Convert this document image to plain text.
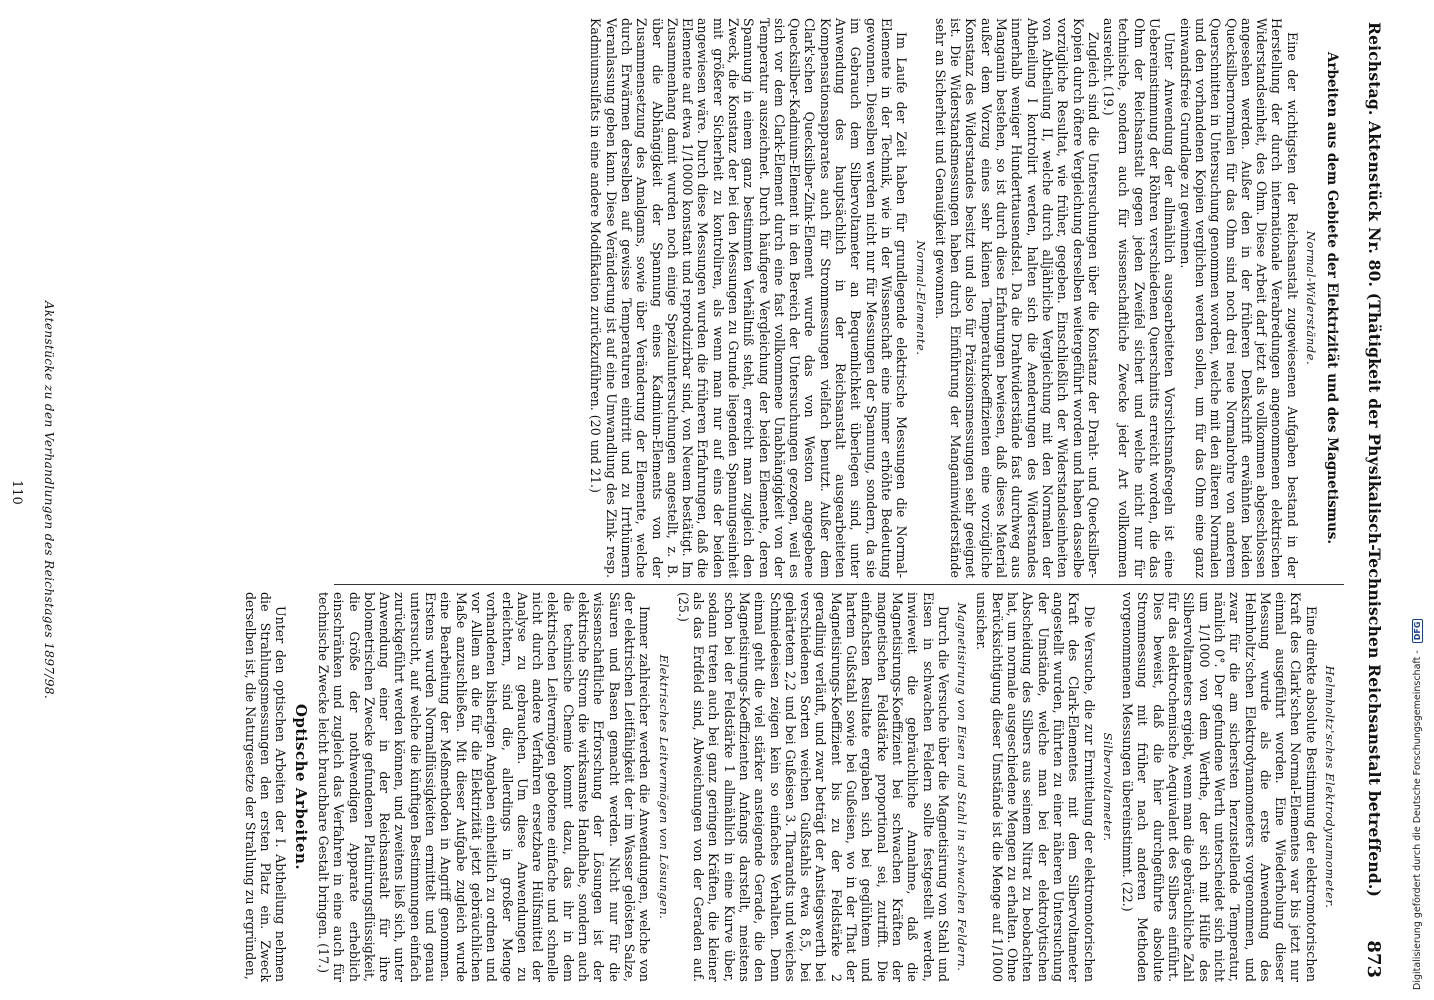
Reichstag. Aktenstück Nr. 80. (Thätigkeit der Physikalisch-Technischen Reichsanstalt betreffend.)
873
Arbeiten aus dem Gebiete der Elektrizität und des Magnetismus.
Normal-Widerstände.

Eine der wichtigsten der Reichsanstalt zugewiesenen Aufgaben bestand in der Herstellung der durch internationale Verabredungen angenommenen elektrischen Widerstandseinheit, des Ohm. Diese Arbeit darf jetzt als vollkommen abgeschlossen angesehen werden. Außer den in der früheren Denkschrift erwähnten beiden Quecksilbernormalen für das Ohm sind noch drei neue Normalrohre von anderem Querschnitten in Untersuchung genommen worden, welche mit den älteren Normalen und den vorhandenen Kopien verglichen werden sollen, um für das Ohm eine ganz einwandsfreie Grundlage zu gewinnen.

Unter Anwendung der allmählich ausgearbeiteten Vorsichtsmaßregeln ist eine Uebereinstimmung der Röhren verschiedenen Querschnitts erreicht worden, die das Ohm der Reichsanstalt gegen jeden Zweifel sichert und welche nicht nur für technische, sondern auch für wissenschaftliche Zwecke jeder Art vollkommen ausreicht. (19.)

Zugleich sind die Untersuchungen über die Konstanz der Draht- und Quecksilber-Kopien durch öftere Vergleichung derselben weitergeführt worden und haben dasselbe vorzügliche Resultat, wie früher, gegeben. Einschließlich der Widerstandseinheiten von Abtheilung II, welche durch alljährliche Vergleichung mit den Normalen der Abtheilung I kontrolirt werden, halten sich die Aenderungen des Widerstandes innerhalb weniger Hunderttausendstel. Da die Drahtwiderstände fast durchweg aus Manganin bestehen, so ist durch diese Erfahrungen bewiesen, daß dieses Material außer dem Vorzug eines sehr kleinen Temperaturkoeffizienten eine vorzügliche Konstanz des Widerstandes besitzt und also für Präzisionsmessungen sehr geeignet ist. Die Widerstandsmessungen haben durch Einführung der Manganinwiderstände sehr an Sicherheit und Genauigkeit gewonnen.

Normal-Elemente.

Im Laufe der Zeit haben für grundlegende elektrische Messungen die Normal-Elemente in der Technik, wie in der Wissenschaft eine immer erhöhte Bedeutung gewonnen. Dieselben werden nicht nur für Messungen der Spannung, sondern, da sie im Gebrauch dem Silbervoltameter an Bequemlichkeit überlegen sind, unter Anwendung des hauptsächlich in der Reichsanstalt ausgearbeiteten Kompensationsapparates auch für Strommessungen vielfach benutzt. Außer dem Clark'schen Quecksilber-Zink-Element wurde das von Weston angegebene Quecksilber-Kadmium-Element in den Bereich der Untersuchungen gezogen, weil es sich vor dem Clark-Element durch eine fast vollkommene Unabhängigkeit von der Temperatur auszeichnet. Durch häufigere Vergleichung der beiden Elemente, deren Spannung in einem ganz bestimmten Verhältniß steht, erreicht man zugleich den Zweck, die Konstanz der bei den Messungen zu Grunde liegenden Spannungseinheit mit größerer Sicherheit zu kontroliren, als wenn man nur auf eins der beiden angewiesen wäre. Durch diese Messungen wurden die früheren Erfahrungen, daß die Elemente auf etwa 1/10000 konstant und reproduzirbar sind, von Neuem bestätigt. Im Zusammenhang damit wurden noch einige Spezialuntersuchungen angestellt, z. B. über die Abhängigkeit der Spannung eines Kadmium-Elements von der Zusammensetzung des Amalgams, sowie über Veränderung der Elemente, welche durch Erwärmen derselben auf gewisse Temperaturen eintritt und zu Irrthümern Veranlassung geben kann. Diese Veränderung ist auf eine Umwandlung des Zink- resp. Kadmiumsulfats in eine andere Modifikation zurückzuführen. (20 und 21.)

Helmholtz'sches Elektrodynamometer.

Eine direkte absolute Bestimmung der elektromotorischen Kraft des Clark'schen Normal-Elementes war bis jetzt nur einmal ausgeführt worden. Eine Wiederholung dieser Messung wurde als die erste Anwendung des Helmholtz'schen Elektrodynamometers vorgenommen, und zwar für die am sichersten herzustellende Temperatur, nämlich 0°. Der gefundene Werth unterscheidet sich nicht um 1/1000 von dem Werthe, der sich mit Hülfe des Silbervoltameters ergiebt, wenn man die gebräuchliche Zahl für das elektrochemische Aequivalent des Silbers einführt. Dies beweist, daß die hier durchgeführte absolute Strommessung mit früher nach anderen Methoden vorgenommenen Messungen übereinstimmt. (22.)

Silbervoltameter.

Die Versuche, die zur Ermittelung der elektromotorischen Kraft des Clark-Elementes mit dem Silbervoltameter angestellt wurden, führten zu einer näheren Untersuchung der Umstände, welche man bei der elektrolytischen Abscheidung des Silbers aus seinem Nitrat zu beobachten hat, um normale ausgeschiedene Mengen zu erhalten. Ohne Berücksichtigung dieser Umstände ist die Menge auf 1/1000 unsicher.

Magnetisirung von Eisen und Stahl in schwachen Feldern.

Durch die Versuche über die Magnetisirung von Stahl und Eisen in schwachen Feldern sollte festgestellt werden, inwieweit die gebräuchliche Annahme, daß die Magnetisirungs-Koeffizient bei schwachen Kräften der magnetischen Feldstärke proportional sei, zutrifft. Die einfachsten Resultate ergaben sich bei geglühtem und hartem Gußstahl sowie bei Gußeisen, wo in der That der Magnetisirungs-Koeffizient bis zu der Feldstärke 2 geradlinig verläuft, und zwar beträgt der Anstiegswerth bei verschiedenen Sorten weichen Gußstahls etwa 8,5, bei gehärtetem 2,2 und bei Gußeisen 3. Tharandts und weiches Schmiedeeisen zeigen kein so einfaches Verhalten. Denn einmal geht die viel stärker ansteigende Gerade, die den Magnetisirungs-Koeffizienten Anfangs darstellt, meistens schon bei der Feldstärke 1 allmählich in eine Kurve über, sodann treten auch bei ganz geringen Kräften, die kleiner als das Erdfeld sind, Abweichungen von der Geraden auf. (25.)

Elektrisches Leitvermögen von Lösungen.

Immer zahlreicher werden die Anwendungen, welche von der elektrischen Leitfähigkeit der im Wasser gelösten Salze, Säuren und Basen gemacht werden. Nicht nur für die wissenschaftliche Erforschung der Lösungen ist der elektrische Strom die wirksamste Handhabe, sondern auch die technische Chemie kommt dazu, das ihr in dem elektrischen Leitvermögen gebotene einfache und schnelle nicht durch andere Verfahren ersetzbare Hülfsmittel der Analyse zu gebrauchen. Um diese Anwendungen zu erleichtern, sind die, allerdings in großer Menge vorhandenen bisherigen Angaben einheitlich zu ordnen und vor Allem an die für die Elektrizität jetzt gebräuchlichen Maße anzuschließen. Mit dieser Aufgabe zugleich wurde eine Bearbeitung der Meßmethoden in Angriff genommen. Erstens wurden Normalflüssigkeiten ermittelt und genau untersucht, auf welche die künftigen Bestimmungen einfach zurückgeführt werden können, und zweitens ließ sich, unter Anwendung einer in der Reichsanstalt für ihre bolometrischen Zwecke gefundenen Platinirungsflüssigkeit, die Größe der nothwendigen Apparate erheblich einschränken und zugleich das Verfahren in eine auch für technische Zwecke leicht brauchbare Gestalt bringen. (17.)

Optische Arbeiten.

Unter den optischen Arbeiten der I. Abtheilung nehmen die Strahlungsmessungen den ersten Platz ein. Zweck derselben ist, die Naturgesetze der Strahlung zu ergründen,

Aktenstücke zu den Verhandlungen des Reichstages 1897/98.
110
Digitalisierung gefördert durch die Deutsche Forschungsgemeinschaft - DFG
